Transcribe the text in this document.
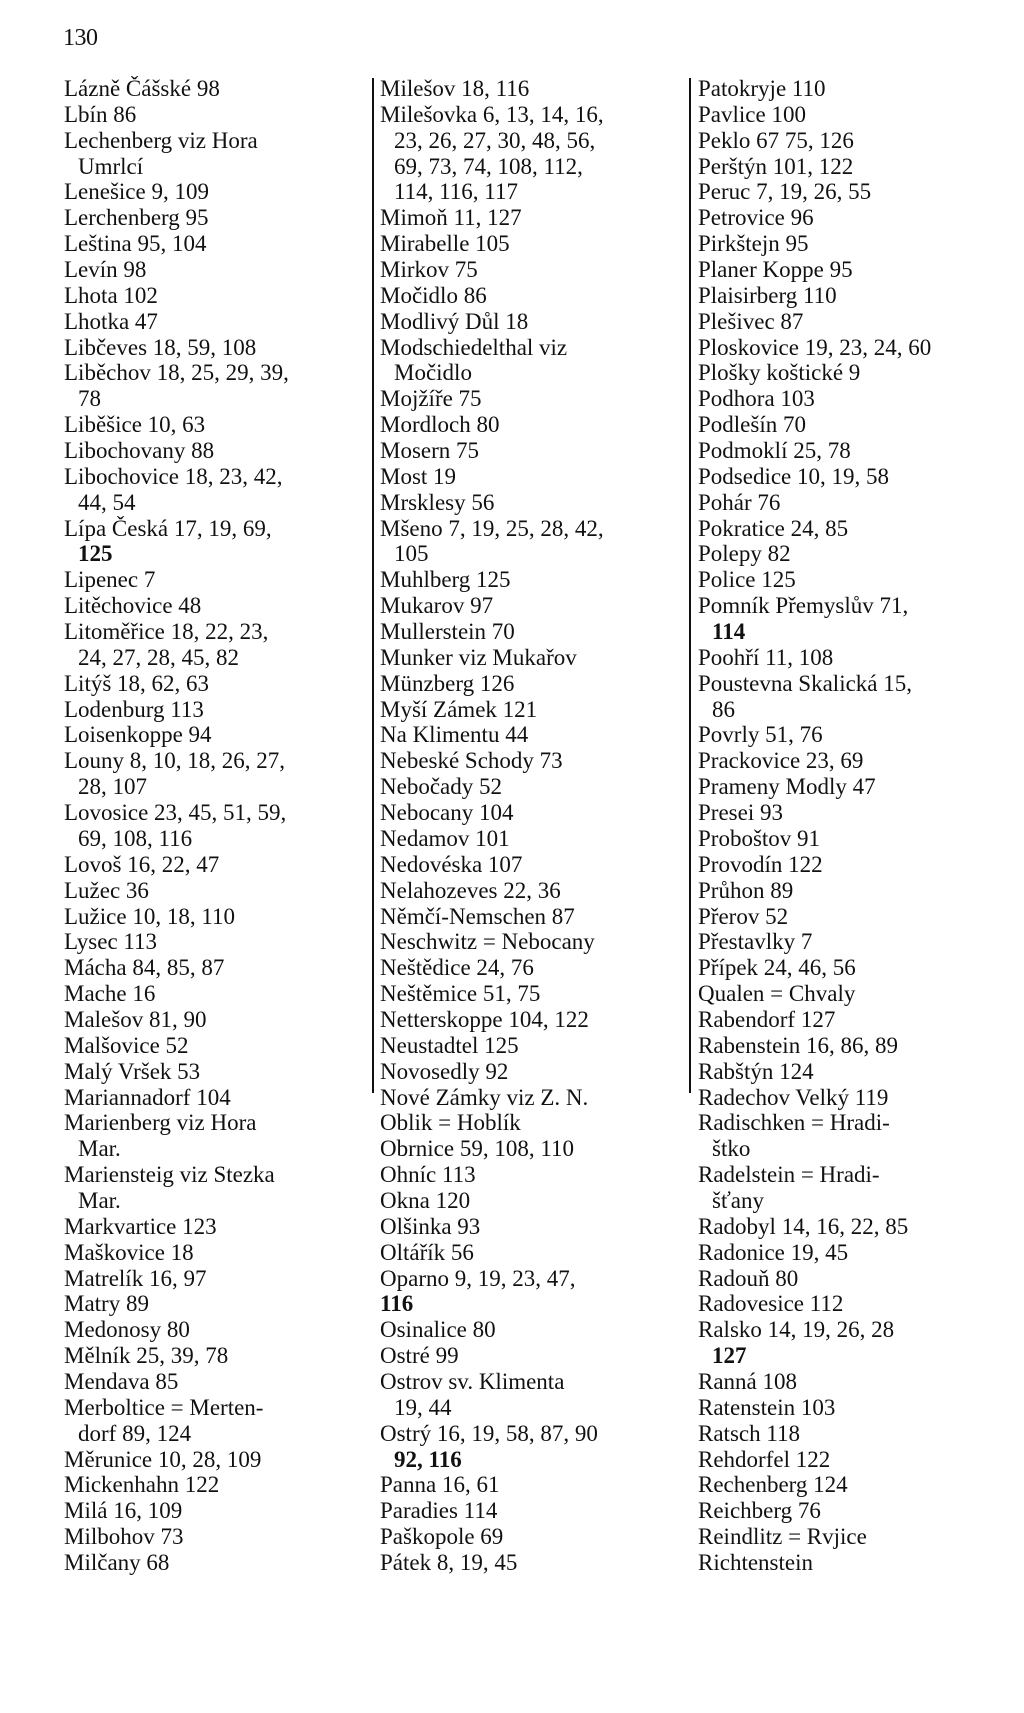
130
Lázně Čášské 98
Lbín 86
Lechenberg viz Hora
Umrlcí
Lenešice 9, 109
Lerchenberg 95
Leština 95, 104
Levín 98
Lhota 102
Lhotka 47
Libčeves 18, 59, 108
Liběchov 18, 25, 29, 39,
78
Liběšice 10, 63
Libochovany 88
Libochovice 18, 23, 42,
44, 54
Lípa Česká 17, 19, 69,
125
Lipenec 7
Litěchovice 48
Litoměřice 18, 22, 23,
24, 27, 28, 45, 82
Litýš 18, 62, 63
Lodenburg 113
Loisenkoppe 94
Louny 8, 10, 18, 26, 27,
28, 107
Lovosice 23, 45, 51, 59,
69, 108, 116
Lovoš 16, 22, 47
Lužec 36
Lužice 10, 18, 110
Lysec 113
Mácha 84, 85, 87
Mache 16
Malešov 81, 90
Malšovice 52
Malý Vršek 53
Mariannadorf 104
Marienberg viz Hora
Mar.
Mariensteig viz Stezka
Mar.
Markvartice 123
Maškovice 18
Matrelík 16, 97
Matry 89
Medonosy 80
Mělník 25, 39, 78
Mendava 85
Merboltice = Merten-
dorf 89, 124
Měrunice 10, 28, 109
Mickenhahn 122
Milá 16, 109
Milbohov 73
Milčany 68
Milešov 18, 116
Milešovka 6, 13, 14, 16,
23, 26, 27, 30, 48, 56,
69, 73, 74, 108, 112,
114, 116, 117
Mimoň 11, 127
Mirabelle 105
Mirkov 75
Močidlo 86
Modlivý Důl 18
Modschiedelthal viz
Močidlo
Mojžíře 75
Mordloch 80
Mosern 75
Most 19
Mrsklesy 56
Mšeno 7, 19, 25, 28, 42,
105
Muhlberg 125
Mukarov 97
Mullerstein 70
Munker viz Mukařov
Münzberg 126
Myší Zámek 121
Na Klimentu 44
Nebeské Schody 73
Nebočady 52
Nebocany 104
Nedamov 101
Nedovéska 107
Nelahozeves 22, 36
Němčí-Nemschen 87
Neschwitz = Nebocany
Neštědice 24, 76
Neštěmice 51, 75
Netterskoppe 104, 122
Neustadtel 125
Novosedly 92
Nové Zámky viz Z. N.
Oblik = Hoblík
Obrnice 59, 108, 110
Ohníc 113
Okna 120
Olšinka 93
Oltářík 56
Oparno 9, 19, 23, 47,
116
Osinalice 80
Ostré 99
Ostrov sv. Klimenta
19, 44
Ostrý 16, 19, 58, 87, 90
92, 116
Panna 16, 61
Paradies 114
Paškopole 69
Pátek 8, 19, 45
Patokryje 110
Pavlice 100
Peklo 67 75, 126
Perštýn 101, 122
Peruc 7, 19, 26, 55
Petrovice 96
Pirkštejn 95
Planer Koppe 95
Plaisirberg 110
Plešivec 87
Ploskovice 19, 23, 24, 60
Plošky koštické 9
Podhora 103
Podlešín 70
Podmoklí 25, 78
Podsedice 10, 19, 58
Pohár 76
Pokratice 24, 85
Polepy 82
Police 125
Pomník Přemyslův 71,
114
Poohří 11, 108
Poustevna Skalická 15,
86
Povrly 51, 76
Prackovice 23, 69
Prameny Modly 47
Presei 93
Proboštov 91
Provodín 122
Průhon 89
Přerov 52
Přestavlky 7
Přípek 24, 46, 56
Qualen = Chvaly
Rabendorf 127
Rabenstein 16, 86, 89
Rabštýn 124
Radechov Velký 119
Radischken = Hradi-
štko
Radelstein = Hradi-
šťany
Radobyl 14, 16, 22, 85
Radonice 19, 45
Radouň 80
Radovesice 112
Ralsko 14, 19, 26, 28
127
Ranná 108
Ratenstein 103
Ratsch 118
Rehdorfel 122
Rechenberg 124
Reichberg 76
Reindlitz = Rvjice
Richtenstein
